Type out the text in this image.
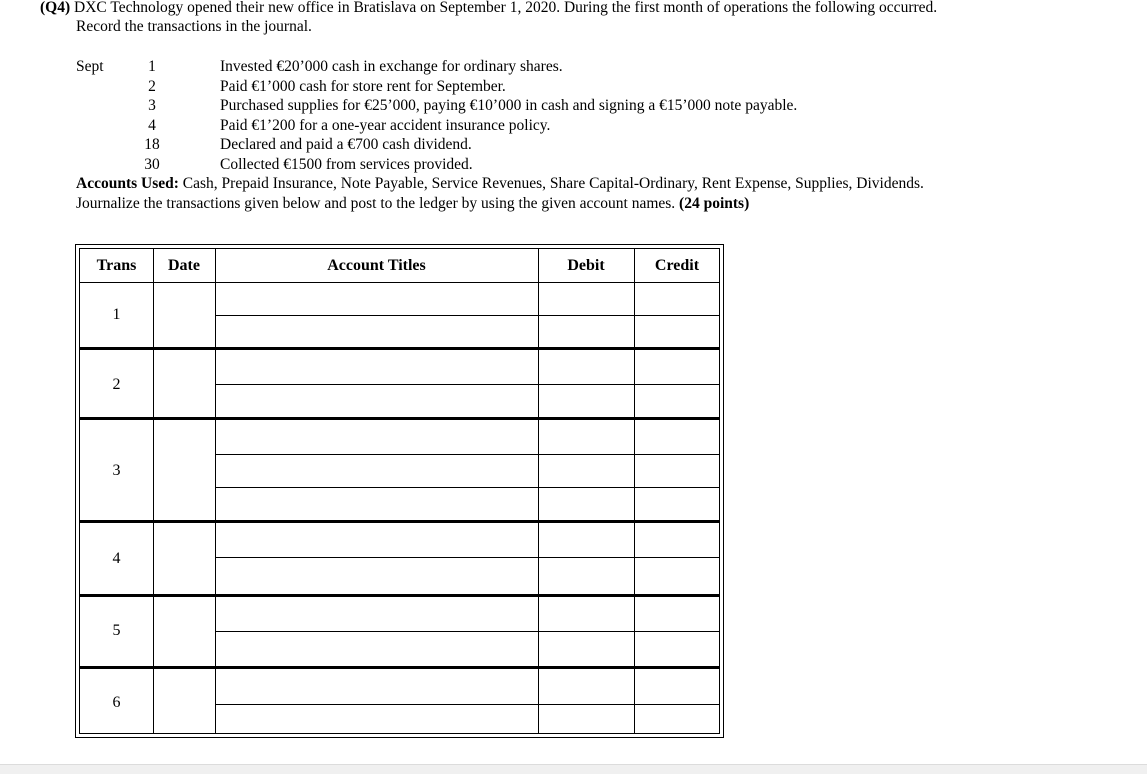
(Q4) DXC Technology opened their new office in Bratislava on September 1, 2020. During the first month of operations the following occurred.
Record the transactions in the journal.
Sept	1	Invested €20’000 cash in exchange for ordinary shares.
2	Paid €1’000 cash for store rent for September.
3	Purchased supplies for €25’000, paying €10’000 in cash and signing a €15’000 note payable.
4	Paid €1’200 for a one-year accident insurance policy.
18	Declared and paid a €700 cash dividend.
30	Collected €1500 from services provided.
Accounts Used: Cash, Prepaid Insurance, Note Payable, Service Revenues, Share Capital-Ordinary, Rent Expense, Supplies, Dividends.
Journalize the transactions given below and post to the ledger by using the given account names. (24 points)
Trans	Date	Account Titles	Debit	Credit
1
2
3
4
5
6
